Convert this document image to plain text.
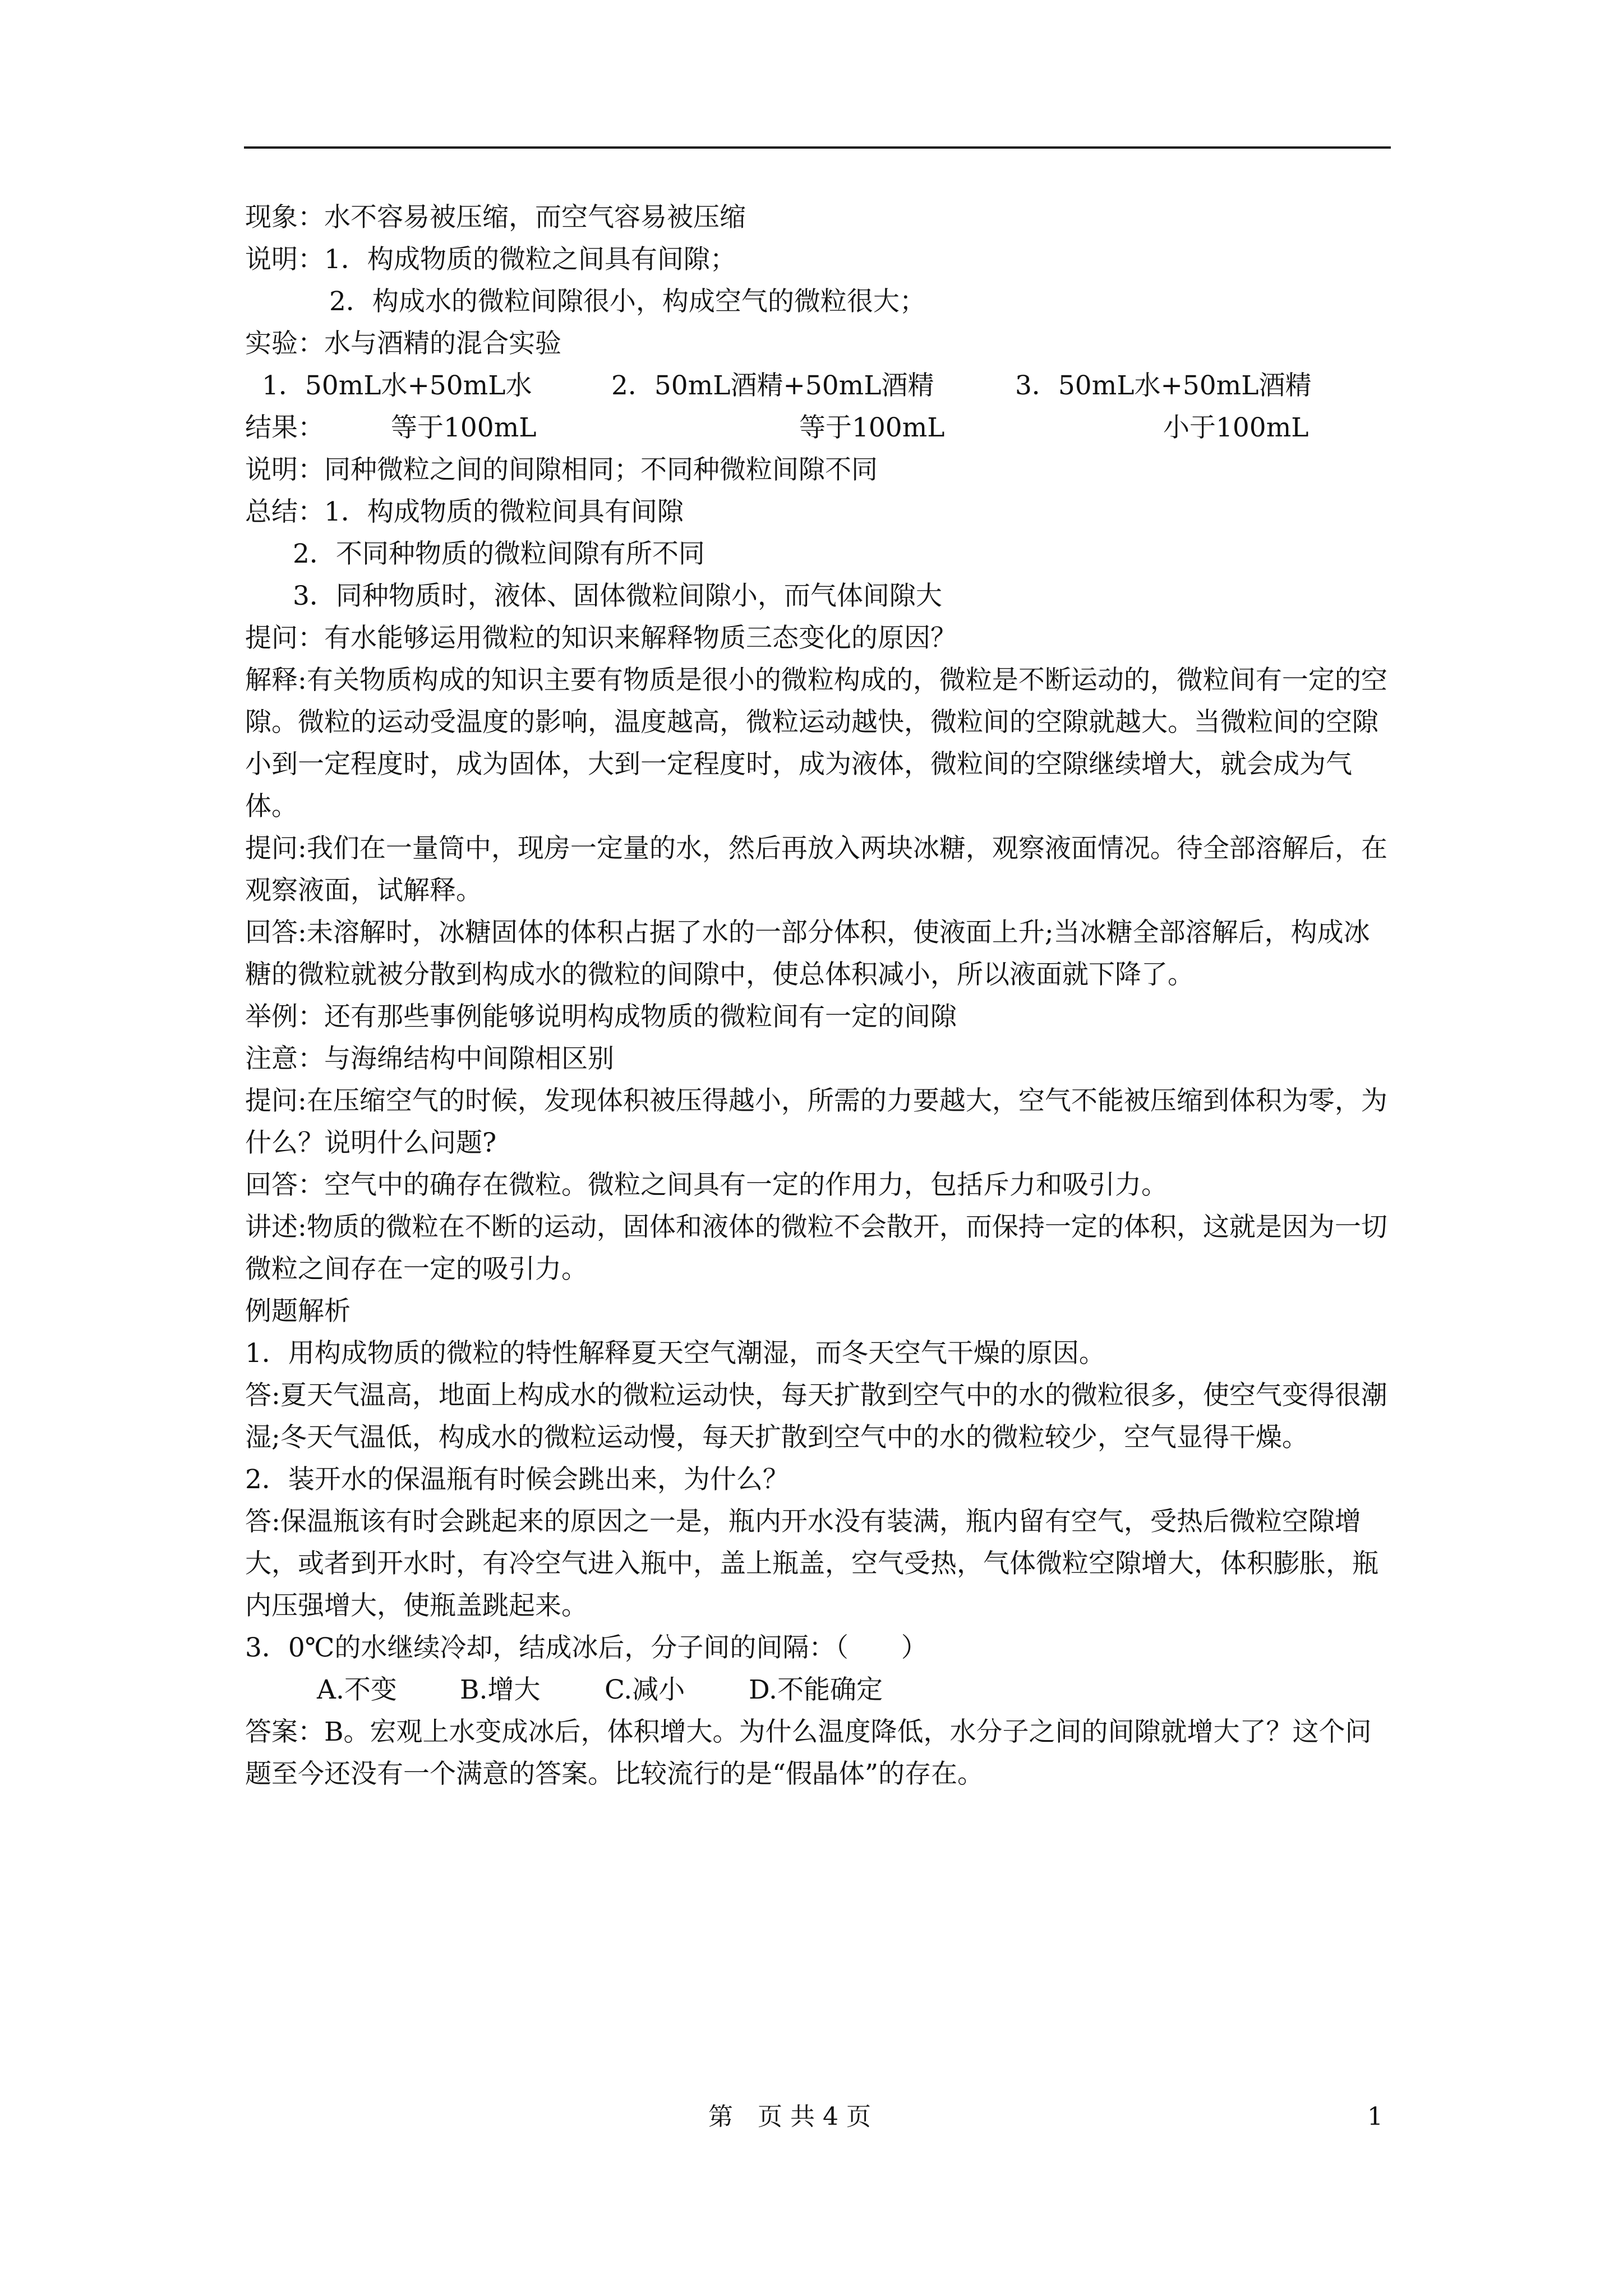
现象：水不容易被压缩，而空气容易被压缩

说明：1．构成物质的微粒之间具有间隙；

2．构成水的微粒间隙很小，构成空气的微粒很大；

实验：水与酒精的混合实验

1．50mL水+50mL水	2．50mL酒精+50mL酒精	3．50mL水+50mL酒精
结果：	等于100mL	等于100mL	小于100mL

说明：同种微粒之间的间隙相同；不同种微粒间隙不同

总结：1．构成物质的微粒间具有间隙

2．不同种物质的微粒间隙有所不同

3．同种物质时，液体、固体微粒间隙小，而气体间隙大

提问：有水能够运用微粒的知识来解释物质三态变化的原因？

解释:有关物质构成的知识主要有物质是很小的微粒构成的，微粒是不断运动的，微粒间有一定的空隙。微粒的运动受温度的影响，温度越高，微粒运动越快，微粒间的空隙就越大。当微粒间的空隙小到一定程度时，成为固体，大到一定程度时，成为液体，微粒间的空隙继续增大，就会成为气体。

提问:我们在一量筒中，现房一定量的水，然后再放入两块冰糖，观察液面情况。待全部溶解后，在观察液面，试解释。

回答:未溶解时，冰糖固体的体积占据了水的一部分体积，使液面上升;当冰糖全部溶解后，构成冰糖的微粒就被分散到构成水的微粒的间隙中，使总体积减小，所以液面就下降了。

举例：还有那些事例能够说明构成物质的微粒间有一定的间隙

注意：与海绵结构中间隙相区别

提问:在压缩空气的时候，发现体积被压得越小，所需的力要越大，空气不能被压缩到体积为零，为什么？说明什么问题?

回答：空气中的确存在微粒。微粒之间具有一定的作用力，包括斥力和吸引力。

讲述:物质的微粒在不断的运动，固体和液体的微粒不会散开，而保持一定的体积，这就是因为一切微粒之间存在一定的吸引力。

例题解析

1．用构成物质的微粒的特性解释夏天空气潮湿，而冬天空气干燥的原因。

答:夏天气温高，地面上构成水的微粒运动快，每天扩散到空气中的水的微粒很多，使空气变得很潮湿;冬天气温低，构成水的微粒运动慢，每天扩散到空气中的水的微粒较少，空气显得干燥。

2．装开水的保温瓶有时候会跳出来，为什么？

答:保温瓶该有时会跳起来的原因之一是，瓶内开水没有装满，瓶内留有空气，受热后微粒空隙增大，或者到开水时，有冷空气进入瓶中，盖上瓶盖，空气受热，气体微粒空隙增大，体积膨胀，瓶内压强增大，使瓶盖跳起来。

3．0℃的水继续冷却，结成冰后，分子间的间隔：（　　）

A.不变 B.增大 C.减小 D.不能确定

答案：B。宏观上水变成冰后，体积增大。为什么温度降低，水分子之间的间隙就增大了？这个问题至今还没有一个满意的答案。比较流行的是“假晶体”的存在。

第　页 共 4 页	1
